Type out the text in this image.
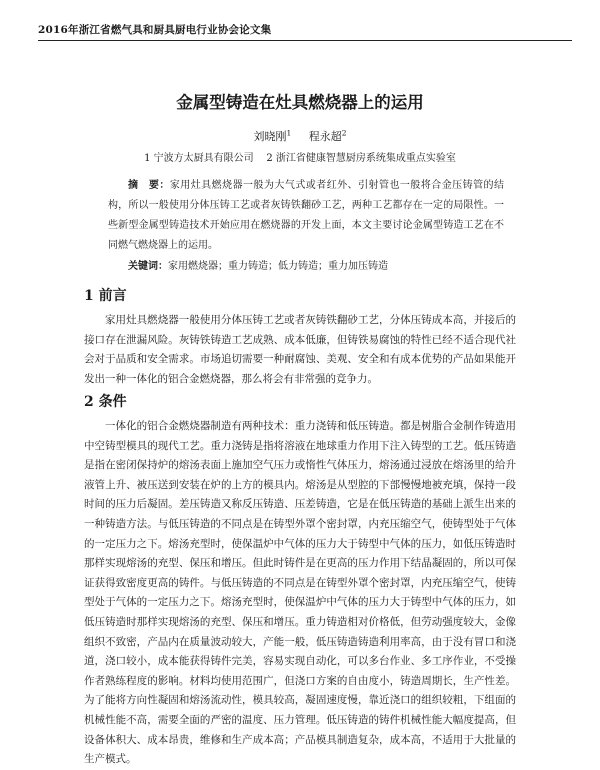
2016年浙江省燃气具和厨具厨电行业协会论文集
金属型铸造在灶具燃烧器上的运用
刘晓刚$^1$ 程永超$^2$
1 宁波方太厨具有限公司 2 浙江省健康智慧厨房系统集成重点实验室
摘　要：家用灶具燃烧器一般为大气式或者红外、引射管也一般将合金压铸管的结构，所以一般使用分体压铸工艺或者灰铸铁翻砂工艺，两种工艺都存在一定的局限性。一些新型金属型铸造技术开始应用在燃烧器的开发上面，本文主要讨论金属型铸造工艺在不同燃气燃烧器上的运用。
关键词：家用燃烧器；重力铸造；低力铸造；重力加压铸造
1 前言

家用灶具燃烧器一般使用分体压铸工艺或者灰铸铁翻砂工艺，分体压铸成本高，并接后的接口存在泄漏风险。灰铸铁铸造工艺成熟、成本低廉，但铸铁易腐蚀的特性已经不适合现代社会对于品质和安全需求。市场追切需要一种耐腐蚀、美观、安全和有成本优势的产品如果能开发出一种一体化的铝合金燃烧器，那么将会有非常强的竞争力。

2 条件

一体化的铝合金燃烧器制造有两种技术：重力浇铸和低压铸造。都是树脂合金制作铸造用中空铸型模具的现代工艺。重力浇铸是指将溶液在地球重力作用下注入铸型的工艺。低压铸造是指在密闭保持炉的熔汤表面上施加空气压力或惰性气体压力，熔汤通过浸放在熔汤里的给升液管上升、被压送到安装在炉的上方的模具内。熔汤是从型腔的下部慢慢地被充填，保持一段时间的压力后凝固。差压铸造又称反压铸造、压差铸造，它是在低压铸造的基础上派生出来的一种铸造方法。与低压铸造的不同点是在铸型外罩个密封罩，内充压缩空气，使铸型处于气体的一定压力之下。熔汤充型时，使保温炉中气体的压力大于铸型中气体的压力，如低压铸造时那样实现熔汤的充型、保压和增压。但此时铸件是在更高的压力作用下结晶凝固的，所以可保证获得致密度更高的铸件。与低压铸造的不同点是在铸型外罩个密封罩，内充压缩空气，使铸型处于气体的一定压力之下。熔汤充型时，使保温炉中气体的压力大于铸型中气体的压力，如低压铸造时那样实现熔汤的充型、保压和增压。重力铸造相对价格低，但劳动强度较大，金像组织不致密，产品内在质量波动较大，产能一般，低压铸造铸造利用率高，由于没有冒口和浇道，浇口较小，成本能获得铸件完美，容易实现自动化，可以多台作业、多工序作业，不受操作者熟练程度的影响。材料均使用范围广，但浇口方案的自由度小，铸造周期长，生产性差。为了能将方向性凝固和熔汤流动性，模具较高，凝固速度慢，靠近浇口的组织较粗，下组面的机械性能不高，需要全面的严密的温度、压力管理。低压铸造的铸件机械性能大幅度提高，但设备体积大、成本昂贵，维修和生产成本高；产品模具制造复杂，成本高，不适用于大批量的生产模式。
